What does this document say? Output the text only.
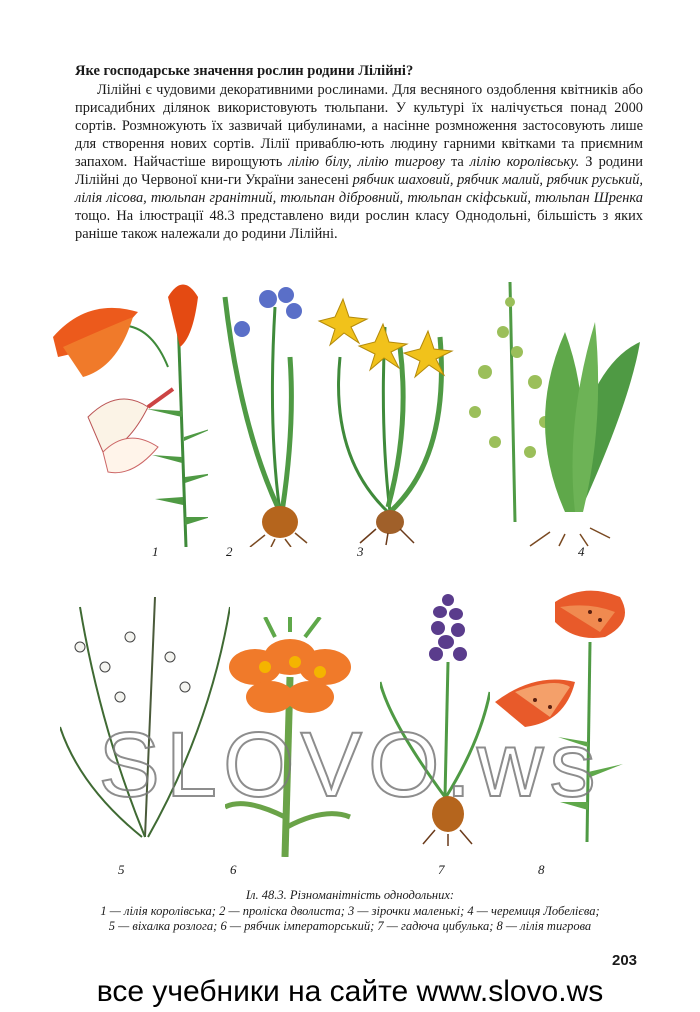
Яке господарське значення рослин родини Лілійні?

Лілійні є чудовими декоративними рослинами. Для весняного оздоблення квітників або присадибних ділянок використовують тюльпани. У культурі їх налічується понад 2000 сортів. Розмножують їх зазвичай цибулинами, а насінне розмноження застосовують лише для створення нових сортів. Лілії приваблю-ють людину гарними квітками та приємним запахом. Найчастіше вирощують лілію білу, лілію тигрову та лілію королівську. З родини Лілійні до Червоної кни-ги України занесені рябчик шаховий, рябчик малий, рябчик руський, лілія лісова, тюльпан гранітний, тюльпан дібровний, тюльпан скіфський, тюльпан Шренка тощо. На ілюстрації 48.3 представлено види рослин класу Однодольні, більшість з яких раніше також належали до родини Лілійні.

1	2	3	4
5	6	7	8
SLOVO.ws
Іл. 48.3. Різноманітність однодольних:
1 — лілія королівська; 2 — проліска дволиста; 3 — зірочки маленькі; 4 — черемиця Лобелієва;
5 — віхалка розлога; 6 — рябчик імператорський; 7 — гадюча цибулька; 8 — лілія тигрова
203
все учебники на сайте www.slovo.ws
